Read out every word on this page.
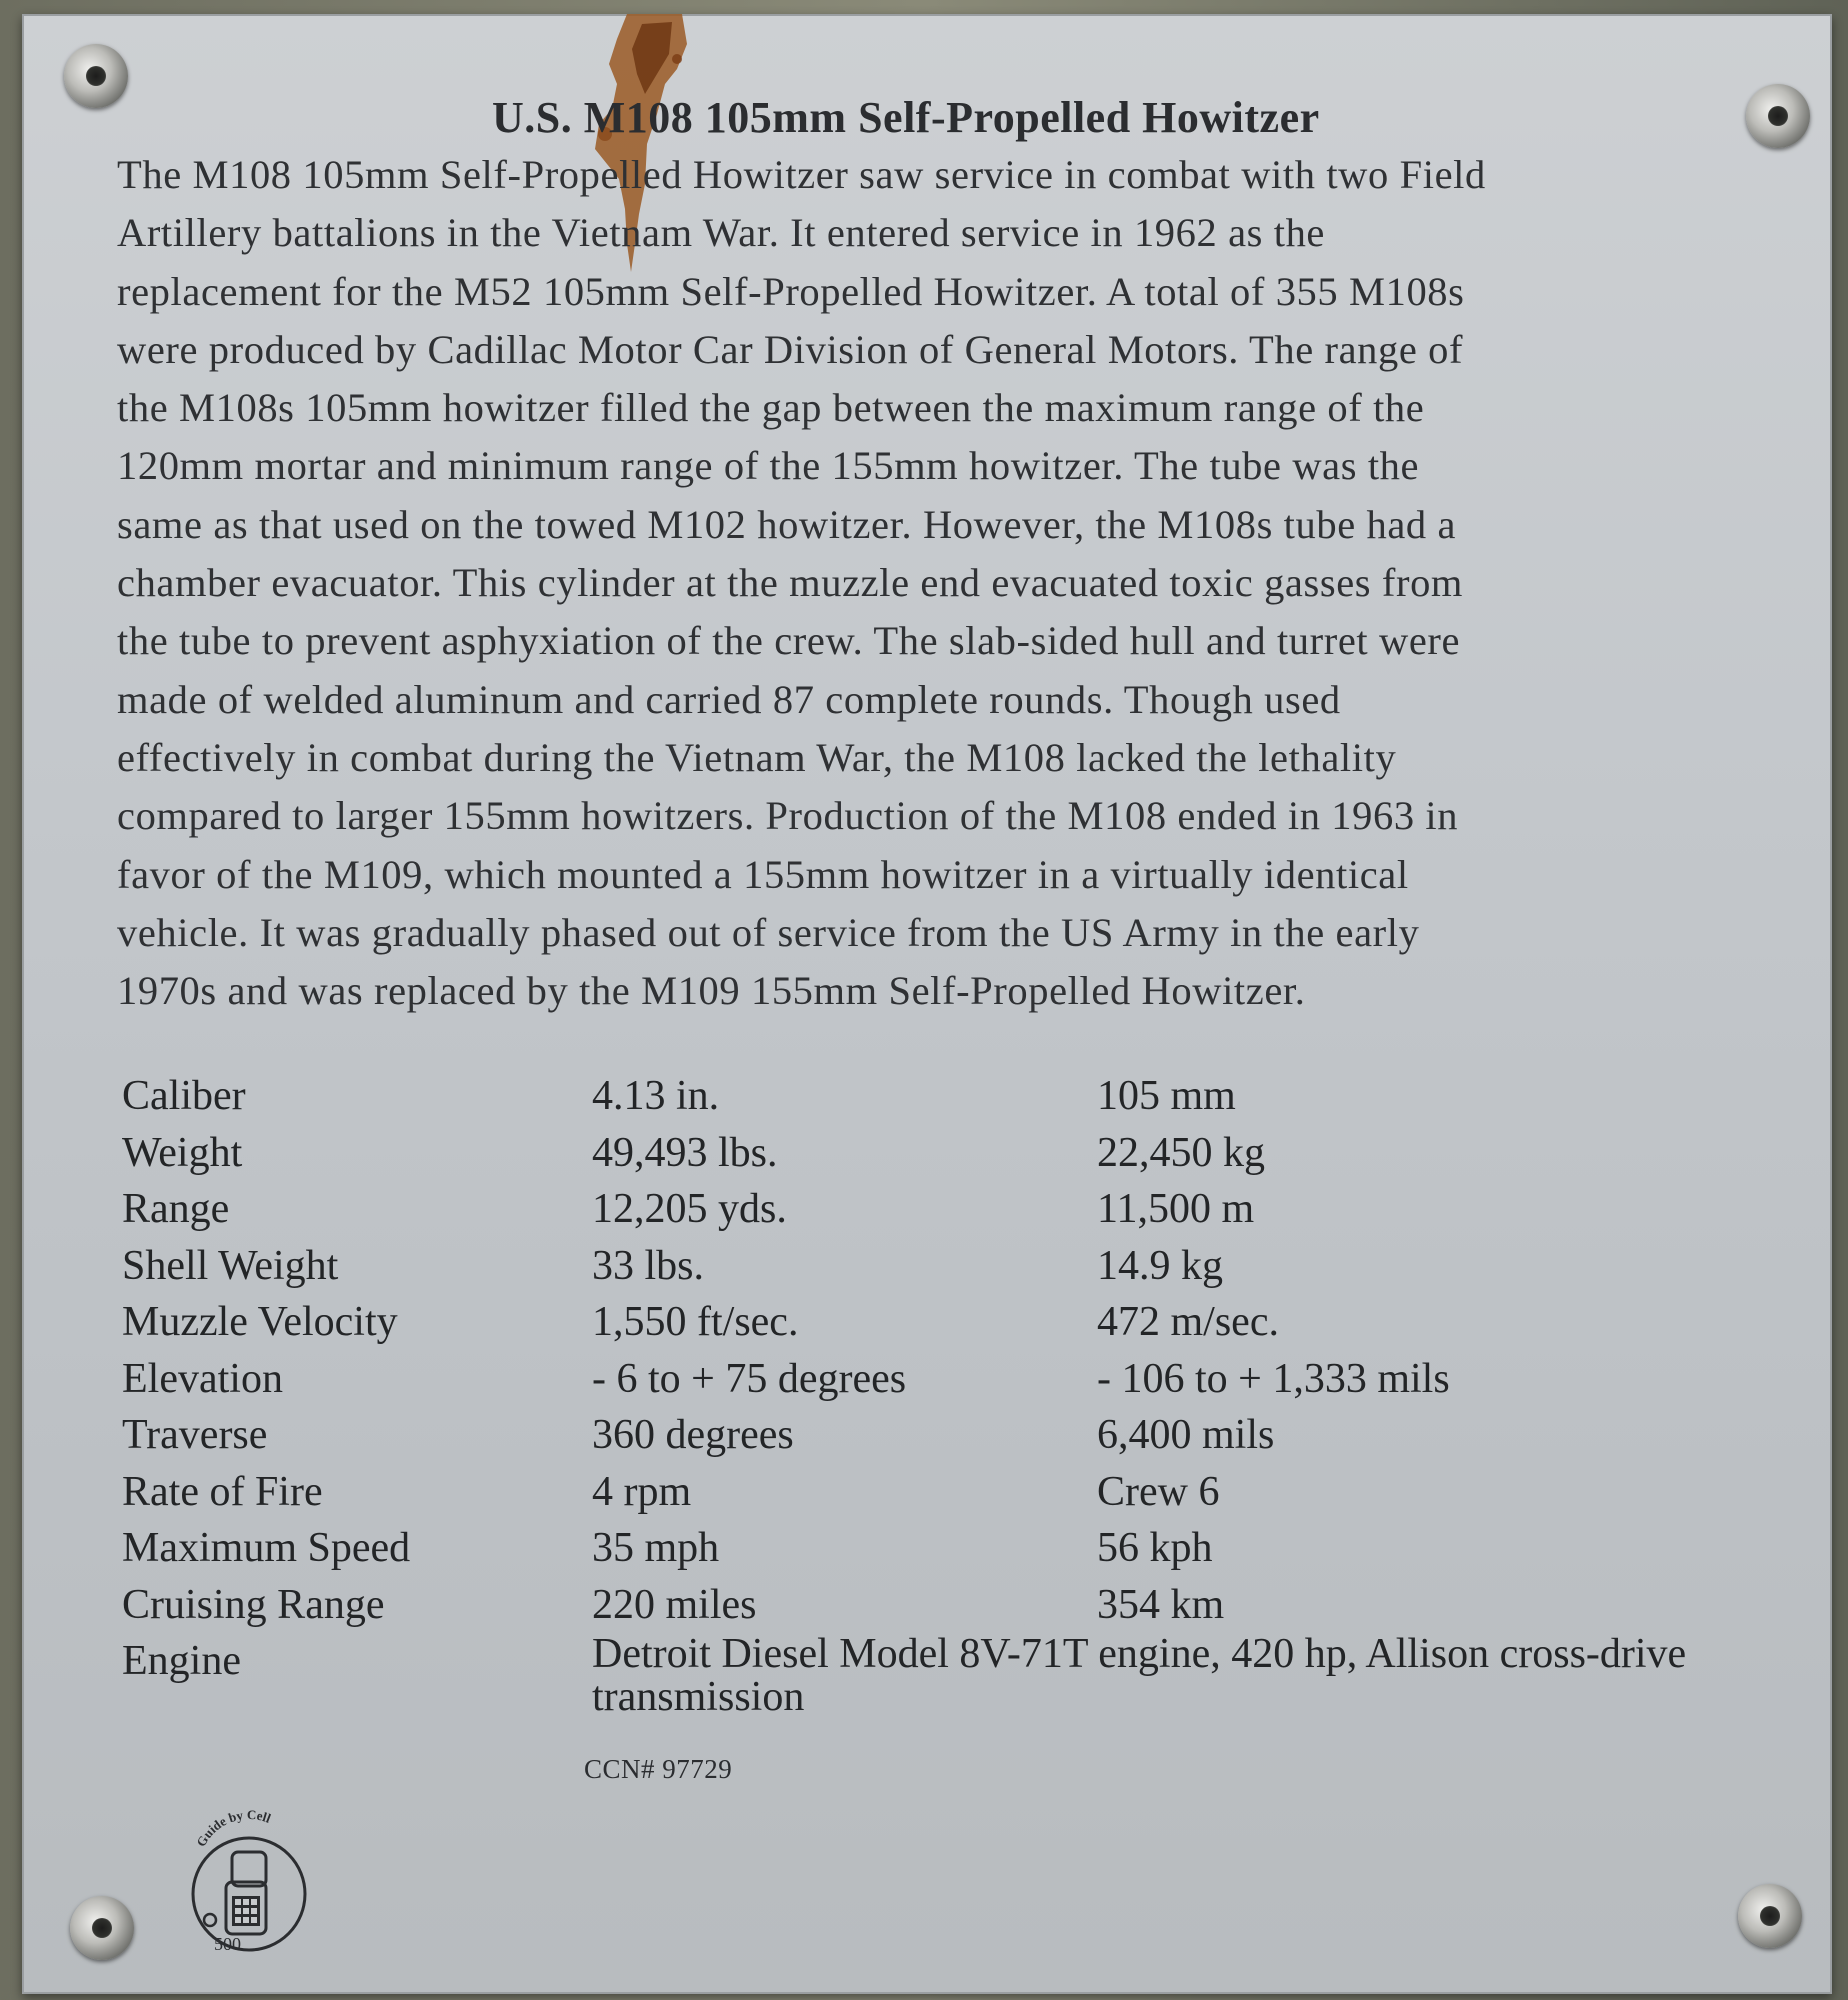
U.S. M108 105mm Self-Propelled Howitzer
The M108 105mm Self-Propelled Howitzer saw service in combat with two Field
Artillery battalions in the Vietnam War. It entered service in 1962 as the
replacement for the M52 105mm Self-Propelled Howitzer. A total of 355 M108s
were produced by Cadillac Motor Car Division of General Motors. The range of
the M108s 105mm howitzer filled the gap between the maximum range of the
120mm mortar and minimum range of the 155mm howitzer. The tube was the
same as that used on the towed M102 howitzer. However, the M108s tube had a
chamber evacuator. This cylinder at the muzzle end evacuated toxic gasses from
the tube to prevent asphyxiation of the crew. The slab-sided hull and turret were
made of welded aluminum and carried 87 complete rounds. Though used
effectively in combat during the Vietnam War, the M108 lacked the lethality
compared to larger 155mm howitzers. Production of the M108 ended in 1963 in
favor of the M109, which mounted a 155mm howitzer in a virtually identical
vehicle. It was gradually phased out of service from the US Army in the early
1970s and was replaced by the M109 155mm Self-Propelled Howitzer.
Caliber	4.13 in.	105 mm
Weight	49,493 lbs.	22,450 kg
Range	12,205 yds.	11,500 m
Shell Weight	33 lbs.	14.9 kg
Muzzle Velocity	1,550 ft/sec.	472 m/sec.
Elevation	- 6 to + 75 degrees	- 106 to + 1,333 mils
Traverse	360 degrees	6,400 mils
Rate of Fire	4 rpm	Crew 6
Maximum Speed	35 mph	56 kph
Cruising Range	220 miles	354 km
Engine	Detroit Diesel Model 8V-71T engine, 420 hp, Allison cross-drive transmission
CCN# 97729
Guide by Cell
500
